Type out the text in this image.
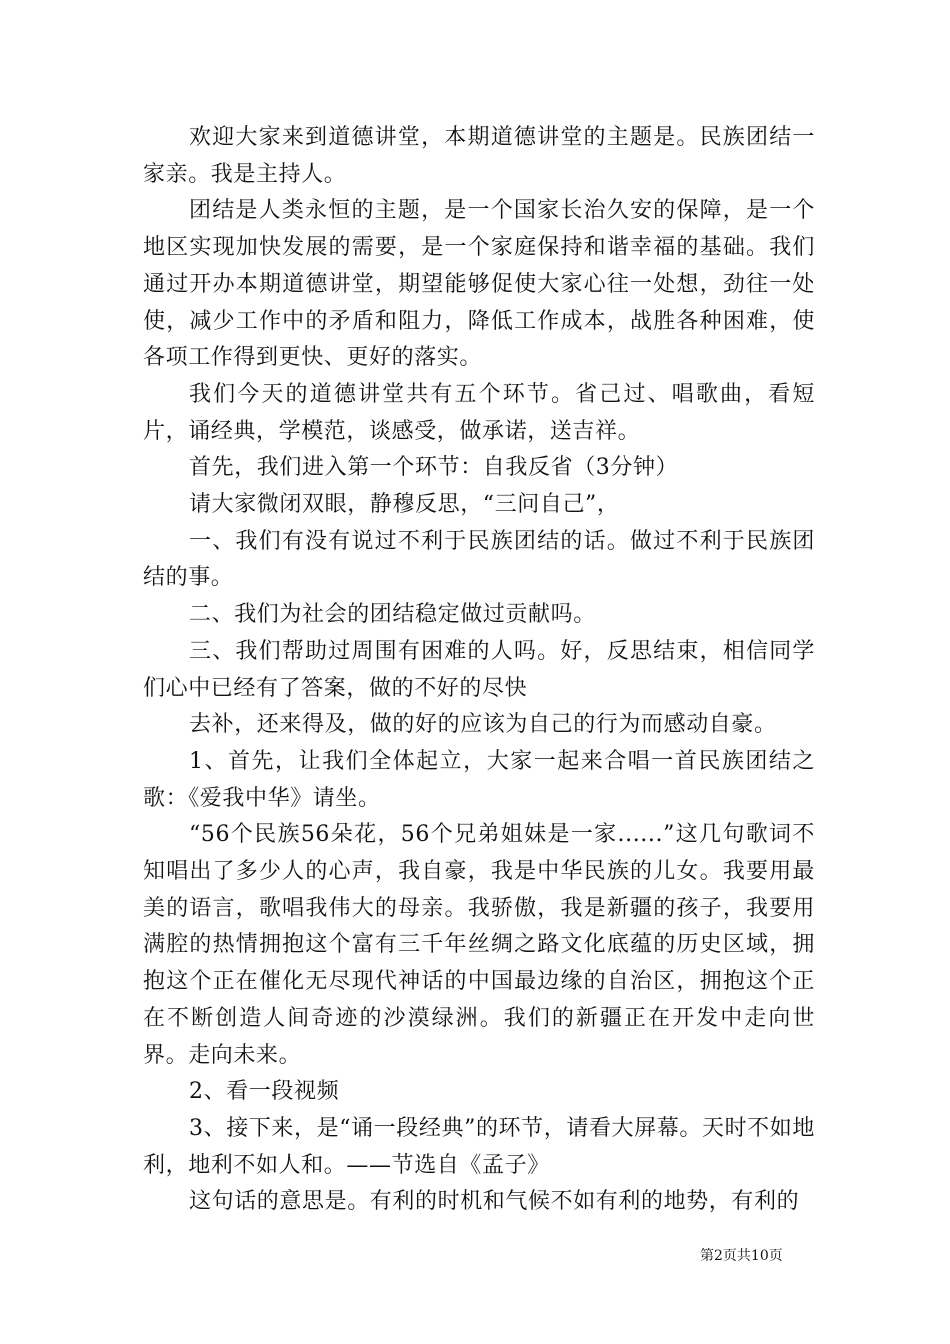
欢迎大家来到道德讲堂，本期道德讲堂的主题是。民族团结一家亲。我是主持人。

团结是人类永恒的主题，是一个国家长治久安的保障，是一个地区实现加快发展的需要，是一个家庭保持和谐幸福的基础。我们通过开办本期道德讲堂，期望能够促使大家心往一处想，劲往一处使，减少工作中的矛盾和阻力，降低工作成本，战胜各种困难，使各项工作得到更快、更好的落实。

我们今天的道德讲堂共有五个环节。省己过、唱歌曲，看短片，诵经典，学模范，谈感受，做承诺，送吉祥。

首先，我们进入第一个环节：自我反省（3分钟）

请大家微闭双眼，静穆反思，“三问自己”，

一、我们有没有说过不利于民族团结的话。做过不利于民族团结的事。

二、我们为社会的团结稳定做过贡献吗。

三、我们帮助过周围有困难的人吗。好，反思结束，相信同学们心中已经有了答案，做的不好的尽快

去补，还来得及，做的好的应该为自己的行为而感动自豪。

1、首先，让我们全体起立，大家一起来合唱一首民族团结之歌：《爱我中华》请坐。

“56个民族56朵花，56个兄弟姐妹是一家......”这几句歌词不知唱出了多少人的心声，我自豪，我是中华民族的儿女。我要用最美的语言，歌唱我伟大的母亲。我骄傲，我是新疆的孩子，我要用满腔的热情拥抱这个富有三千年丝绸之路文化底蕴的历史区域，拥抱这个正在催化无尽现代神话的中国最边缘的自治区，拥抱这个正在不断创造人间奇迹的沙漠绿洲。我们的新疆正在开发中走向世界。走向未来。

2、看一段视频

3、接下来，是“诵一段经典”的环节，请看大屏幕。天时不如地利，地利不如人和。——节选自《孟子》

这句话的意思是。有利的时机和气候不如有利的地势，有利的

第2页共10页
